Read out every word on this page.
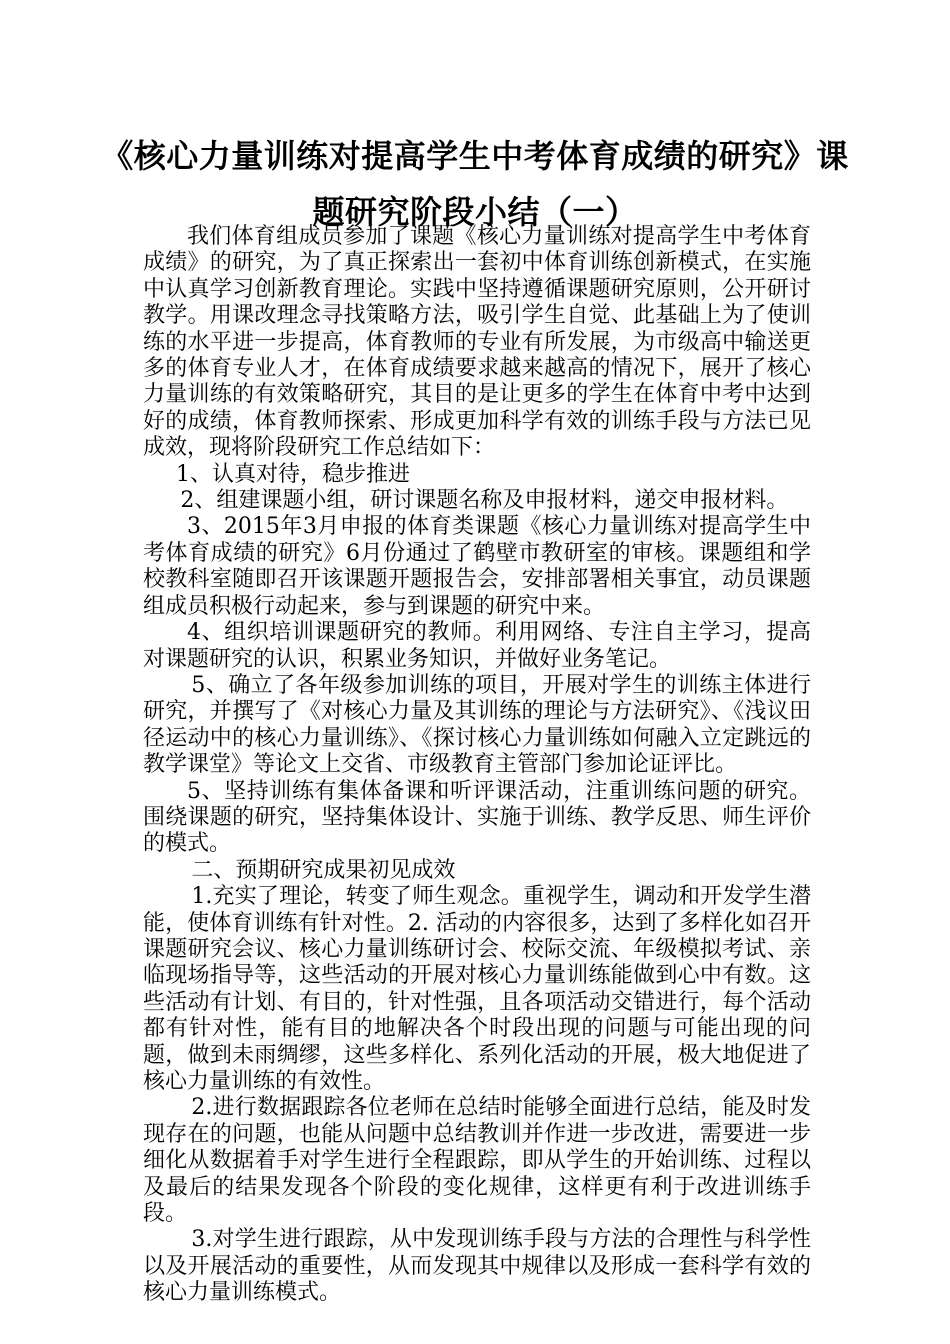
《核心力量训练对提高学生中考体育成绩的研究》课题研究阶段小结（一）

我们体育组成员参加了课题《核心力量训练对提高学生中考体育成绩》的研究，为了真正探索出一套初中体育训练创新模式，在实施中认真学习创新教育理论。实践中坚持遵循课题研究原则，公开研讨教学。用课改理念寻找策略方法，吸引学生自觉、此基础上为了使训练的水平进一步提高，体育教师的专业有所发展，为市级高中输送更多的体育专业人才，在体育成绩要求越来越高的情况下，展开了核心力量训练的有效策略研究，其目的是让更多的学生在体育中考中达到好的成绩，体育教师探索、形成更加科学有效的训练手段与方法已见成效，现将阶段研究工作总结如下：

1、认真对待，稳步推进

2、组建课题小组，研讨课题名称及申报材料，递交申报材料。

3、2015年3月申报的体育类课题《核心力量训练对提高学生中考体育成绩的研究》6月份通过了鹤壁市教研室的审核。课题组和学校教科室随即召开该课题开题报告会，安排部署相关事宜，动员课题组成员积极行动起来，参与到课题的研究中来。

4、组织培训课题研究的教师。利用网络、专注自主学习，提高对课题研究的认识，积累业务知识，并做好业务笔记。

5、确立了各年级参加训练的项目，开展对学生的训练主体进行研究，并撰写了《对核心力量及其训练的理论与方法研究》、《浅议田径运动中的核心力量训练》、《探讨核心力量训练如何融入立定跳远的教学课堂》等论文上交省、市级教育主管部门参加论证评比。

5、坚持训练有集体备课和听评课活动，注重训练问题的研究。围绕课题的研究，坚持集体设计、实施于训练、教学反思、师生评价的模式。

二、预期研究成果初见成效

1.充实了理论，转变了师生观念。重视学生，调动和开发学生潜能，使体育训练有针对性。2. 活动的内容很多，达到了多样化如召开课题研究会议、核心力量训练研讨会、校际交流、年级模拟考试、亲临现场指导等，这些活动的开展对核心力量训练能做到心中有数。这些活动有计划、有目的，针对性强，且各项活动交错进行，每个活动都有针对性，能有目的地解决各个时段出现的问题与可能出现的问题，做到未雨绸缪，这些多样化、系列化活动的开展，极大地促进了核心力量训练的有效性。

2.进行数据跟踪各位老师在总结时能够全面进行总结，能及时发现存在的问题，也能从问题中总结教训并作进一步改进，需要进一步细化从数据着手对学生进行全程跟踪，即从学生的开始训练、过程以及最后的结果发现各个阶段的变化规律，这样更有利于改进训练手段。

3.对学生进行跟踪，从中发现训练手段与方法的合理性与科学性以及开展活动的重要性，从而发现其中规律以及形成一套科学有效的核心力量训练模式。
